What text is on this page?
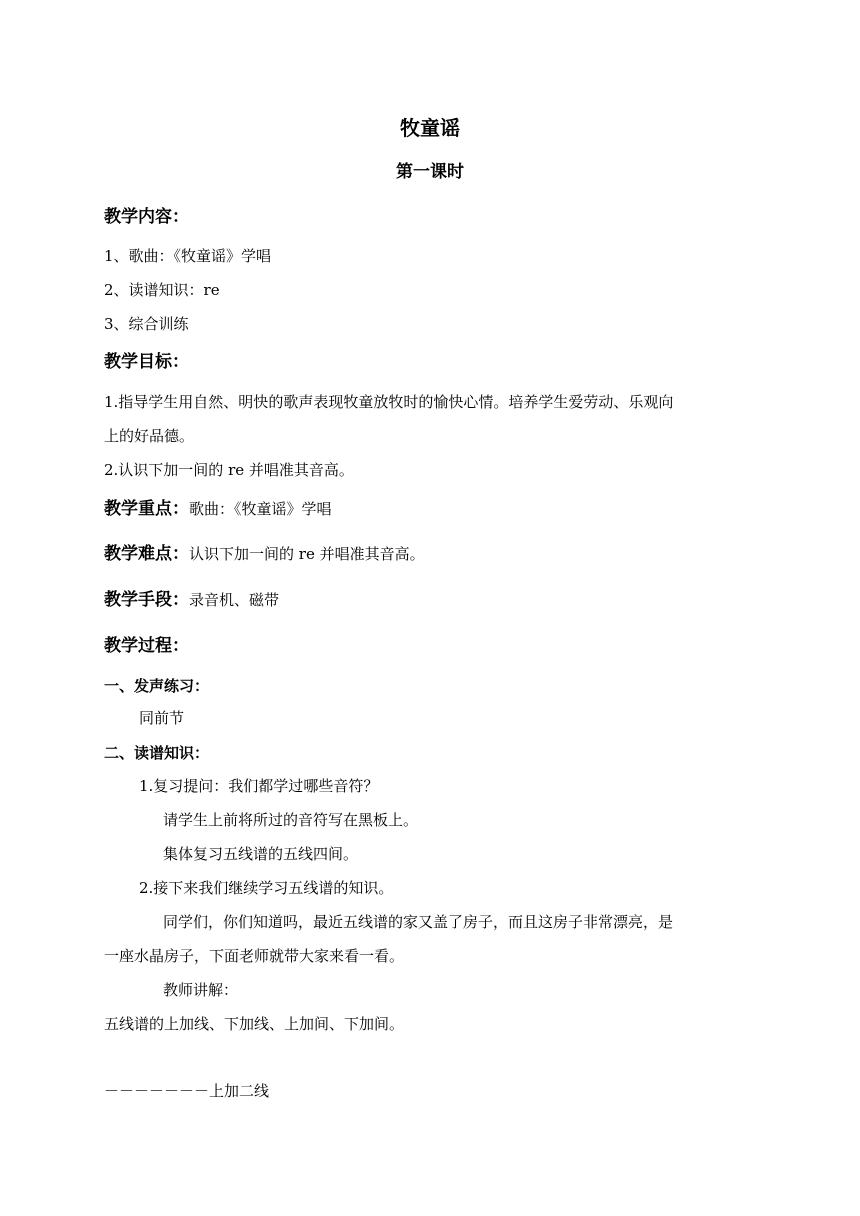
牧童谣
第一课时
教学内容：
1、歌曲：《牧童谣》学唱
2、读谱知识：re
3、综合训练
教学目标：
1.指导学生用自然、明快的歌声表现牧童放牧时的愉快心情。培养学生爱劳动、乐观向
上的好品德。
2.认识下加一间的 re 并唱准其音高。
教学重点：歌曲：《牧童谣》学唱
教学难点：认识下加一间的 re 并唱准其音高。
教学手段：录音机、磁带
教学过程：
一、发声练习：
同前节
二、读谱知识：
1.复习提问：我们都学过哪些音符？
请学生上前将所过的音符写在黑板上。
集体复习五线谱的五线四间。
2.接下来我们继续学习五线谱的知识。
同学们，你们知道吗，最近五线谱的家又盖了房子，而且这房子非常漂亮，是
一座水晶房子，下面老师就带大家来看一看。
教师讲解：
五线谱的上加线、下加线、上加间、下加间。
－－－－－－－上加二线
